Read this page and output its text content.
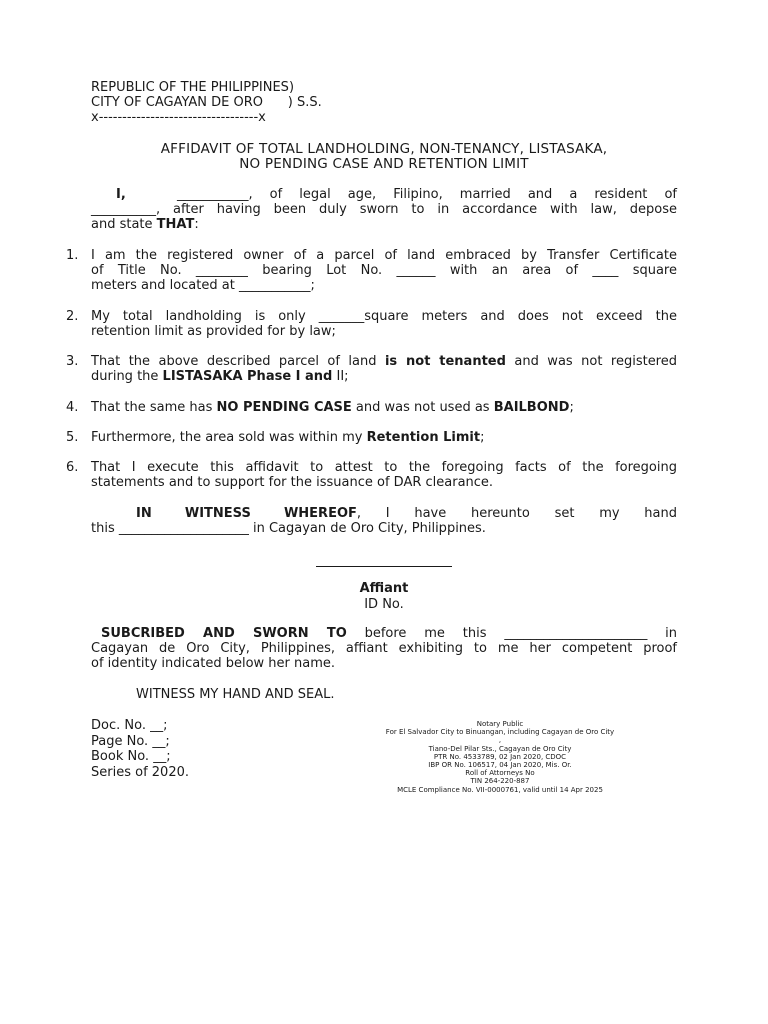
REPUBLIC OF THE PHILIPPINES)
CITY OF CAGAYAN DE ORO      ) S.S.
x----------------------------------x
AFFIDAVIT OF TOTAL LANDHOLDING, NON-TENANCY, LISTASAKA,
NO PENDING CASE AND RETENTION LIMIT
I,	___________, of legal age, Filipino, married and a resident of
__________, after having been duly sworn to in accordance with law, depose
and state THAT:
1. I am the registered owner of a parcel of land embraced by Transfer Certificate
of Title No. ________ bearing Lot No. ______ with an area of ____ square
meters and located at ___________;
2. My total landholding is only _______square meters and does not exceed the
retention limit as provided for by law;
3. That the above described parcel of land is not tenanted and was not registered
during the LISTASAKA Phase I and II;
4. That the same has NO PENDING CASE and was not used as BAILBOND;
5. Furthermore, the area sold was within my Retention Limit;
6. That I execute this affidavit to attest to the foregoing facts of the foregoing
statements and to support for the issuance of DAR clearance.
IN WITNESS WHEREOF, I have hereunto set my hand
this ____________________ in Cagayan de Oro City, Philippines.
Affiant
ID No.
SUBCRIBED AND SWORN TO before me this ______________________ in
Cagayan de Oro City, Philippines, affiant exhibiting to me her competent proof
of identity indicated below her name.
WITNESS MY HAND AND SEAL.
Doc. No. __;
Page No. __;
Book No. __;
Series of 2020.
Notary Public
For El Salvador City to Binuangan, including Cagayan de Oro City
,
Tiano-Del Pilar Sts., Cagayan de Oro City
PTR No. 4533789, 02 Jan 2020, CDOC
IBP OR No. 106517, 04 Jan 2020, Mis. Or.
Roll of Attorneys No
TIN 264-220-887
MCLE Compliance No. VII-0000761, valid until 14 Apr 2025
